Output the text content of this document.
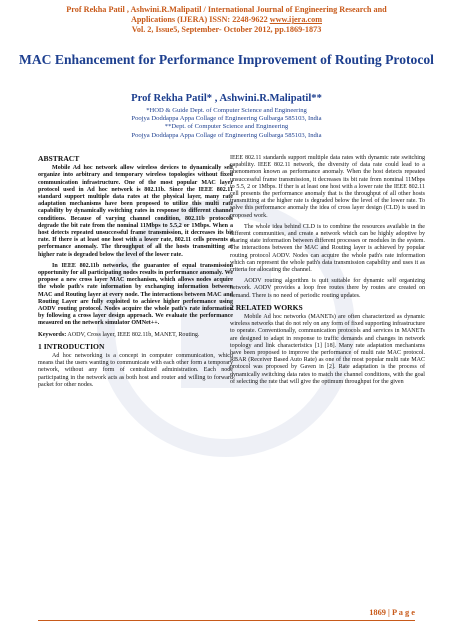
Prof Rekha Patil , Ashwini.R.Malipatil / International Journal of Engineering Research and
Applications (IJERA) ISSN: 2248-9622 www.ijera.com
Vol. 2, Issue5, September- October 2012, pp.1869-1873
MAC Enhancement for Performance Improvement of Routing Protocol
Prof Rekha Patil* , Ashwini.R.Malipatil**
*HOD & Guide Dept. of Computer Science and Engineering
Poojya Doddappa Appa Collage of Engineering Gulbarga 585103, India
**Dept. of Computer Science and Engineering
Poojya Doddappa Appa Collage of Engineering Gulbarga 585103, India
ABSTRACT

Mobile Ad hoc network allow wireless devices to dynamically self organize into arbitrary and temporary wireless topologies without fixed communication infrastructure. One of the most popular MAC layer protocol used in Ad hoc network is 802.11b. Since the IEEE 802.11 standard support multiple data rates at the physical layer, many rate adaptation mechanisms have been proposed to utilize this multi rate capability by dynamically switching rates in response to different channel conditions. Because of varying channel condition, 802.11b protocols degrade the bit rate from the nominal 11Mbps to 5.5,2 or 1Mbps. When a host detects repeated unsuccessful frame transmission, it decreases its bit rate. If there is at least one host with a lower rate, 802.11 cells presents a performance anomaly. The throughput of all the hosts transmitting at higher rate is degraded below the level of the lower rate.

In IEEE 802.11b networks, the guarantee of equal transmission opportunity for all participating nodes results in performance anomaly. We propose a new cross layer MAC mechanism, which allows nodes acquire the whole path's rate information by exchanging information between MAC and Routing layer at every node. The interactions between MAC and Routing Layer are fully exploited to achieve higher performance using AODV routing protocol. Nodes acquire the whole path's rate information by following a cross layer design approach. We evaluate the performance measured on the network simulator OMNet++.

Keywords: AODV, Cross layer, IEEE 802.11b, MANET, Routing.

1 INTRODUCTION

Ad hoc networking is a concept in computer communication, which means that the users wanting to communicate with each other form a temporary network, without any form of centralized administration. Each node participating in the network acts as both host and router and willing to forward packet for other nodes.

IEEE 802.11 standards support multiple data rates with dynamic rate switching capability. IEEE 802.11 network, the diversity of data rate could lead to a phenomenon known as performance anomaly. When the host detects repeated unsuccessful frame transmission, it decreases its bit rate from nominal 11Mbps to 5.5, 2 or 1Mbps. If ther is at least one host with a lower rate the IEEE 802.11 cell presents the performance anomaly that is the throughput of all other hosts transmitting at the higher rate is degraded below the level of the lower rate. To solve this performance anomaly the idea of cross layer design (CLD) is used in proposed work.

The whole idea behind CLD is to combine the resources available in the different communities, and create a network which can be highly adoptive by sharing state information between different processes or modules in the system. The interactions between the MAC and Routing layer is achieved by popular routing protocol AODV. Nodes can acquire the whole path's rate information which can represent the whole path's data transmission capability and uses it as criteria for allocating the channel.

AODV routing algorithm is quit suitable for dynamic self organizing network. AODV provides a loop free routes there by routes are created on demand. There is no need of periodic routing updates.

2 RELATED WORKS

Mobile Ad hoc networks (MANETs) are often characterized as dynamic wireless networks that do not rely on any form of fixed supporting infrastructure to operate. Conventionally, communication protocols and services in MANETs are designed to adapt in response to traffic demands and changes in network topology and link characteristics [1] [18]. Many rate adaptation mechanisms have been proposed to improve the performance of multi rate MAC protocol. RBAR (Receiver Based Auto Rate) as one of the most popular multi rate MAC protocol was proposed by Gaven in [2]. Rate adaptation is the process of dynamically switching data rates to match the channel conditions, with the goal of selecting the rate that will give the optimum throughput for the given

1869 | P a g e
